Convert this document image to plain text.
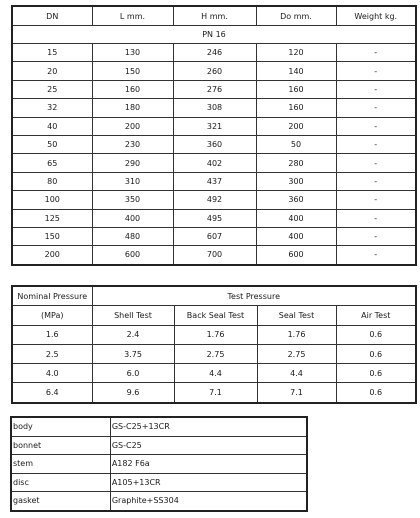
DN	L mm.	H mm.	Do mm.	Weight kg.
PN 16				
15	130	246	120	-
20	150	260	140	-
25	160	276	160	-
32	180	308	160	-
40	200	321	200	-
50	230	360	50	-
65	290	402	280	-
80	310	437	300	-
100	350	492	360	-
125	400	495	400	-
150	480	607	400	-
200	600	700	600	-
Nominal Pressure	Test Pressure			
(MPa)	Shell Test	Back Seal Test	Seal Test	Air Test
1.6	2.4	1.76	1.76	0.6
2.5	3.75	2.75	2.75	0.6
4.0	6.0	4.4	4.4	0.6
6.4	9.6	7.1	7.1	0.6
body	GS-C25+13CR
bonnet	GS-C25
stem	A182 F6a
disc	A105+13CR
gasket	Graphite+SS304
